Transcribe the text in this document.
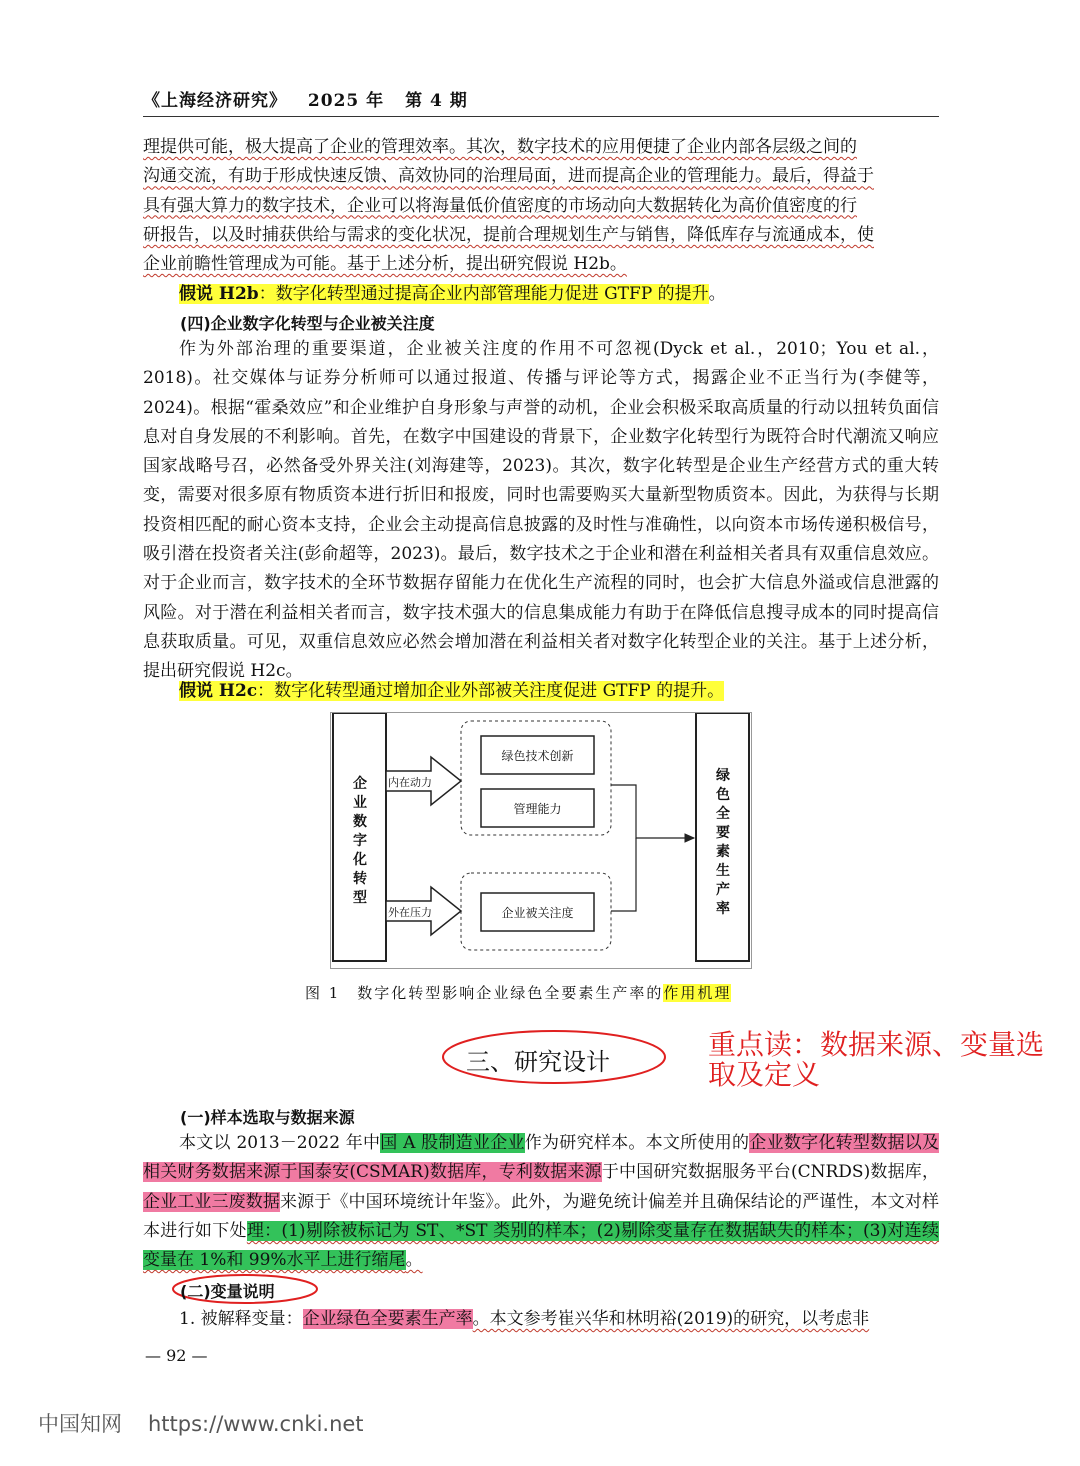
《上海经济研究》 2025 年 第 4 期

理提供可能，极大提高了企业的管理效率。其次，数字技术的应用便捷了企业内部各层级之间的

沟通交流，有助于形成快速反馈、高效协同的治理局面，进而提高企业的管理能力。最后，得益于

具有强大算力的数字技术，企业可以将海量低价值密度的市场动向大数据转化为高价值密度的行

研报告，以及时捕获供给与需求的变化状况，提前合理规划生产与销售，降低库存与流通成本，使

企业前瞻性管理成为可能。基于上述分析，提出研究假说 H2b。

假说 H2b：数字化转型通过提高企业内部管理能力促进 GTFP 的提升。
(四)企业数字化转型与企业被关注度

作为外部治理的重要渠道，企业被关注度的作用不可忽视(Dyck et al.，2010；You et al.，2018)。社交媒体与证券分析师可以通过报道、传播与评论等方式，揭露企业不正当行为(李健等，2024)。根据“霍桑效应”和企业维护自身形象与声誉的动机，企业会积极采取高质量的行动以扭转负面信息对自身发展的不利影响。首先，在数字中国建设的背景下，企业数字化转型行为既符合时代潮流又响应国家战略号召，必然备受外界关注(刘海建等，2023)。其次，数字化转型是企业生产经营方式的重大转变，需要对很多原有物质资本进行折旧和报废，同时也需要购买大量新型物质资本。因此，为获得与长期投资相匹配的耐心资本支持，企业会主动提高信息披露的及时性与准确性，以向资本市场传递积极信号，吸引潜在投资者关注(彭俞超等，2023)。最后，数字技术之于企业和潜在利益相关者具有双重信息效应。对于企业而言，数字技术的全环节数据存留能力在优化生产流程的同时，也会扩大信息外溢或信息泄露的风险。对于潜在利益相关者而言，数字技术强大的信息集成能力有助于在降低信息搜寻成本的同时提高信息获取质量。可见，双重信息效应必然会增加潜在利益相关者对数字化转型企业的关注。基于上述分析，提出研究假说 H2c。

假说 H2c：数字化转型通过增加企业外部被关注度促进 GTFP 的提升。
企业数字化转型
绿色全要素生产率
内在动力
外在压力
绿色技术创新
管理能力
企业被关注度
图 1　数字化转型影响企业绿色全要素生产率的作用机理
三、研究设计
重点读：数据来源、变量选取及定义
(一)样本选取与数据来源

本文以 2013－2022 年中国 A 股制造业企业作为研究样本。本文所使用的企业数字化转型数据以及相关财务数据来源于国泰安(CSMAR)数据库，专利数据来源于中国研究数据服务平台(CNRDS)数据库，企业工业三废数据来源于《中国环境统计年鉴》。此外，为避免统计偏差并且确保结论的严谨性，本文对样本进行如下处理：(1)剔除被标记为 ST、*ST 类别的样本；(2)剔除变量存在数据缺失的样本；(3)对连续变量在 1%和 99%水平上进行缩尾。

(二)变量说明

1. 被解释变量：企业绿色全要素生产率。本文参考崔兴华和林明裕(2019)的研究，以考虑非

— 92 —
中国知网 https://www.cnki.net
